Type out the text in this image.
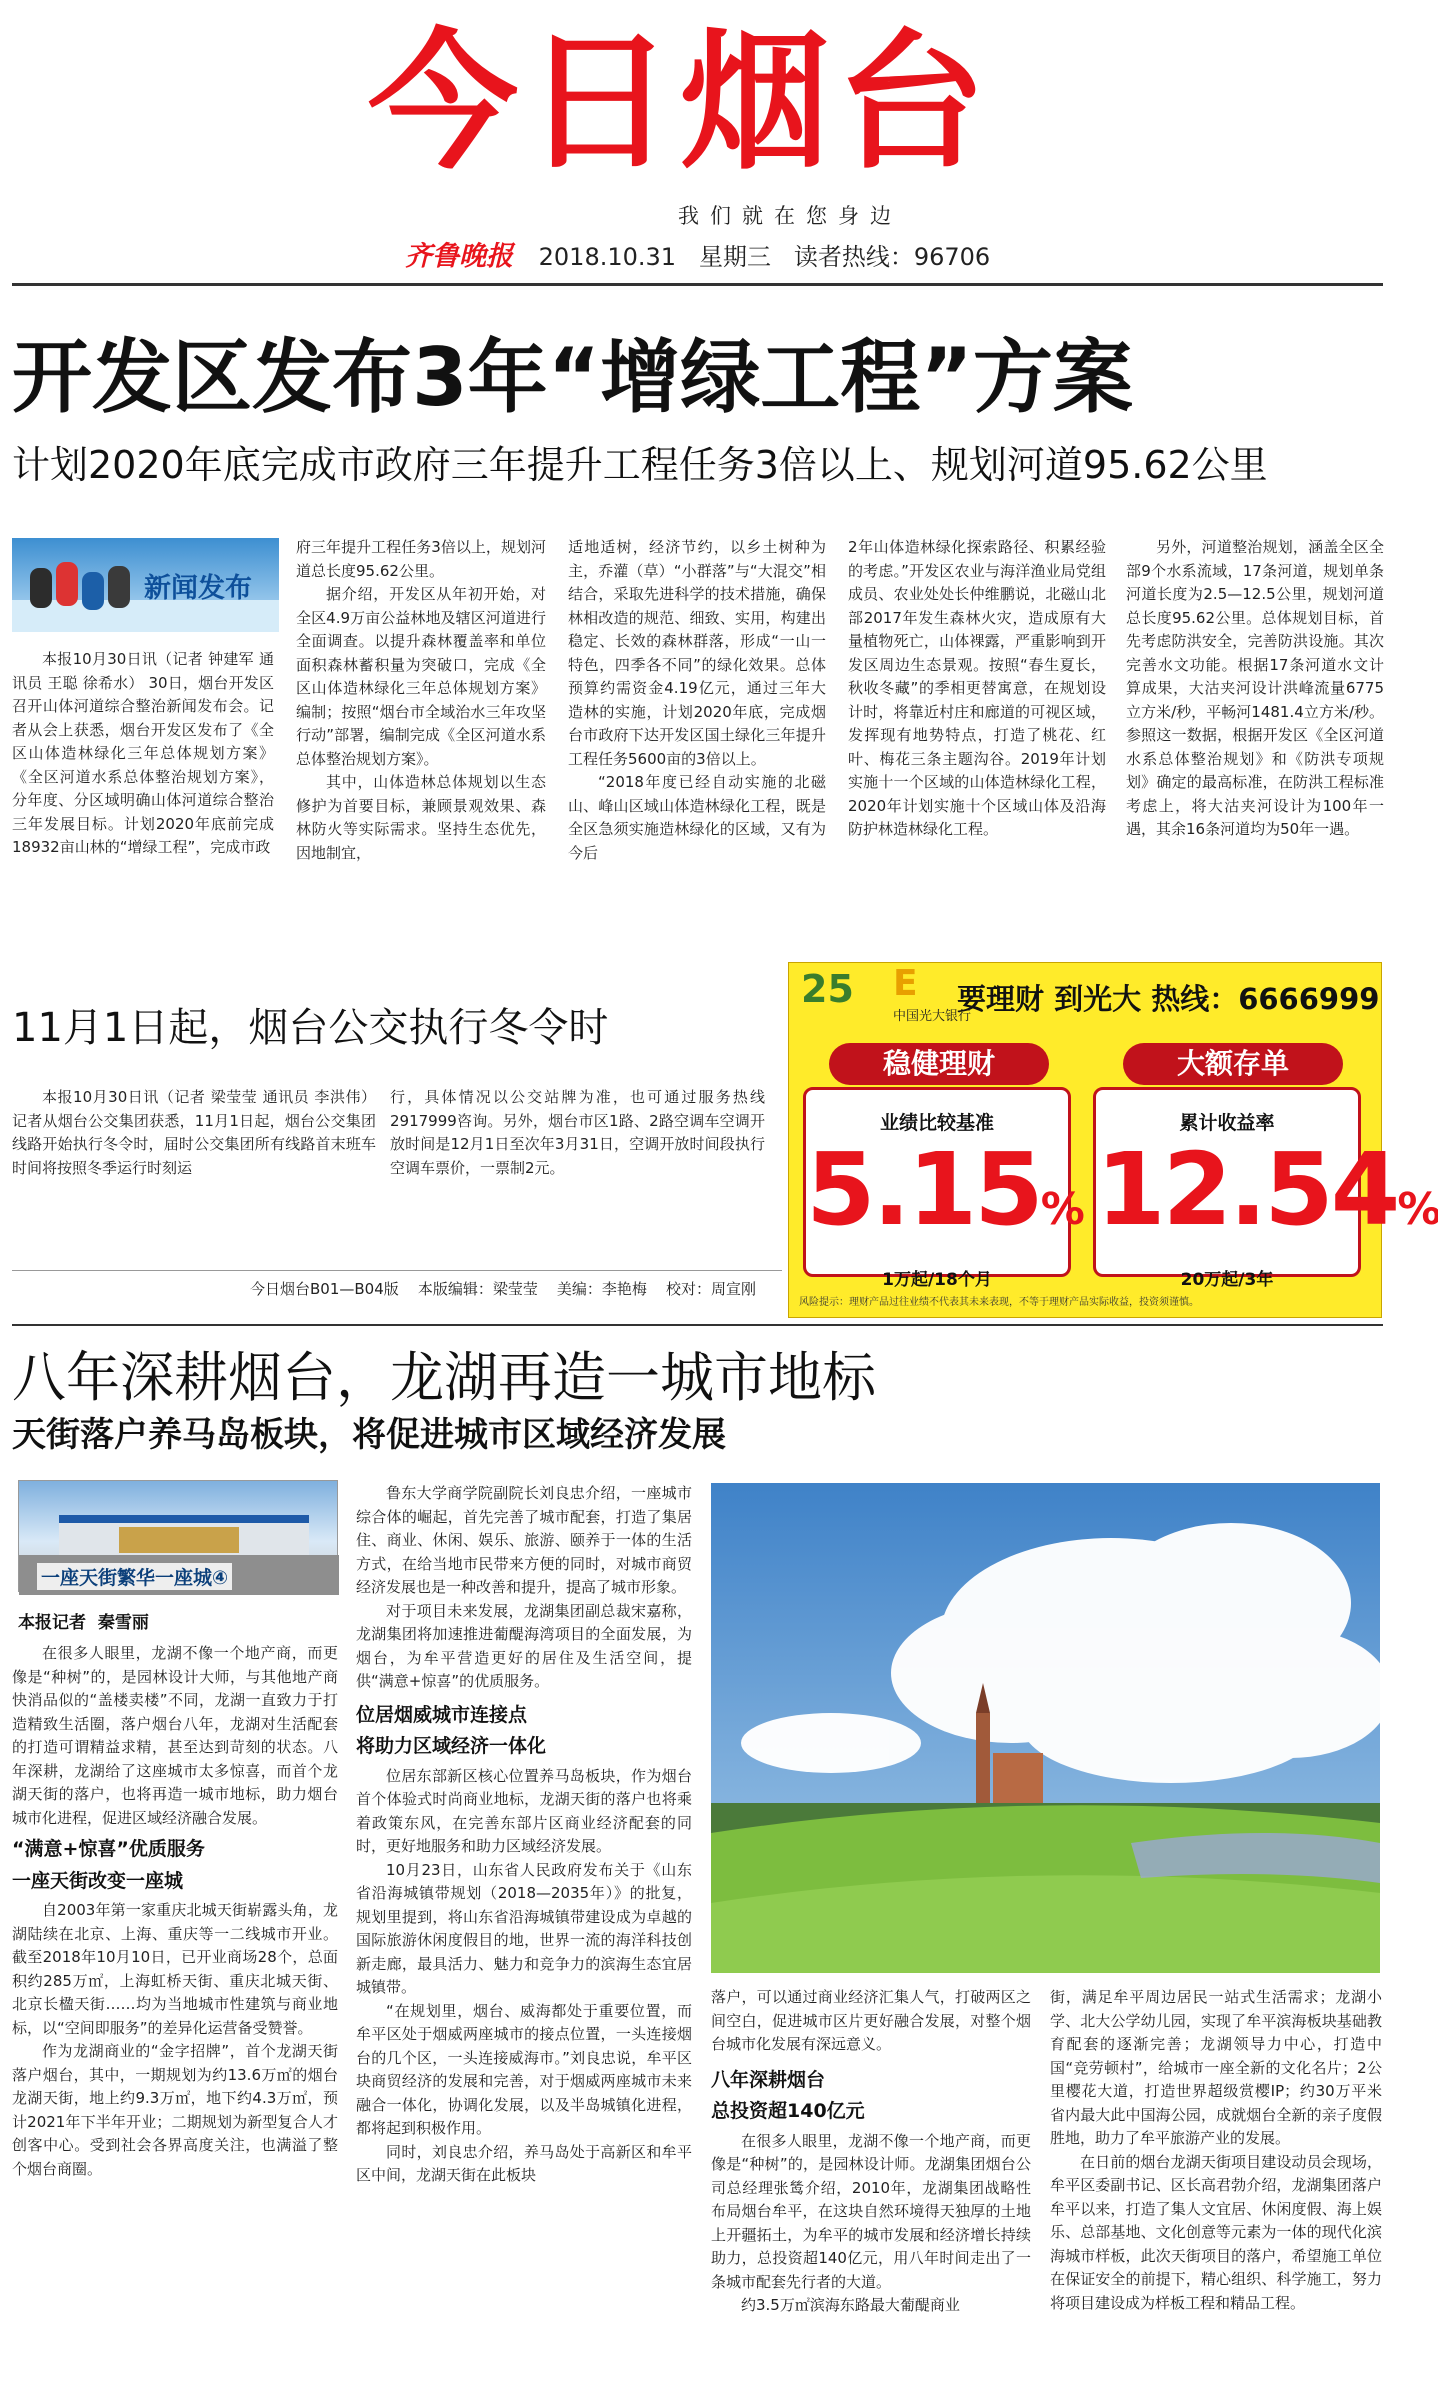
今日烟台
我们就在您身边
齐鲁晚报 2018.10.31 星期三 读者热线：96706
开发区发布3年“增绿工程”方案
计划2020年底完成市政府三年提升工程任务3倍以上、规划河道95.62公里
新闻发布

本报10月30日讯（记者 钟建军 通讯员 王聪 徐希水） 30日，烟台开发区召开山体河道综合整治新闻发布会。记者从会上获悉，烟台开发区发布了《全区山体造林绿化三年总体规划方案》《全区河道水系总体整治规划方案》，分年度、分区域明确山体河道综合整治三年发展目标。计划2020年底前完成18932亩山林的“增绿工程”，完成市政

府三年提升工程任务3倍以上，规划河道总长度95.62公里。

据介绍，开发区从年初开始，对全区4.9万亩公益林地及辖区河道进行全面调查。以提升森林覆盖率和单位面积森林蓄积量为突破口，完成《全区山体造林绿化三年总体规划方案》编制；按照“烟台市全域治水三年攻坚行动”部署，编制完成《全区河道水系总体整治规划方案》。

其中，山体造林总体规划以生态修护为首要目标，兼顾景观效果、森林防火等实际需求。坚持生态优先，因地制宜，

适地适树，经济节约，以乡土树种为主，乔灌（草）“小群落”与“大混交”相结合，采取先进科学的技术措施，确保林相改造的规范、细致、实用，构建出稳定、长效的森林群落，形成“一山一特色，四季各不同”的绿化效果。总体预算约需资金4.19亿元，通过三年大造林的实施，计划2020年底，完成烟台市政府下达开发区国土绿化三年提升工程任务5600亩的3倍以上。

“2018年度已经自动实施的北磁山、峰山区域山体造林绿化工程，既是全区急须实施造林绿化的区域，又有为今后

2年山体造林绿化探索路径、积累经验的考虑。”开发区农业与海洋渔业局党组成员、农业处处长仲维鹏说，北磁山北部2017年发生森林火灾，造成原有大量植物死亡，山体裸露，严重影响到开发区周边生态景观。按照“春生夏长，秋收冬藏”的季相更替寓意，在规划设计时，将靠近村庄和廊道的可视区域，发挥现有地势特点，打造了桃花、红叶、梅花三条主题沟谷。2019年计划实施十一个区域的山体造林绿化工程，2020年计划实施十个区域山体及沿海防护林造林绿化工程。

另外，河道整治规划，涵盖全区全部9个水系流域，17条河道，规划单条河道长度为2.5—12.5公里，规划河道总长度95.62公里。总体规划目标，首先考虑防洪安全，完善防洪设施。其次完善水文功能。根据17条河道水文计算成果，大沽夹河设计洪峰流量6775立方米/秒，平畅河1481.4立方米/秒。参照这一数据，根据开发区《全区河道水系总体整治规划》和《防洪专项规划》确定的最高标准，在防洪工程标准考虑上，将大沽夹河设计为100年一遇，其余16条河道均为50年一遇。

11月1日起，烟台公交执行冬令时

本报10月30日讯（记者 梁莹莹 通讯员 李洪伟） 记者从烟台公交集团获悉，11月1日起，烟台公交集团线路开始执行冬令时，届时公交集团所有线路首末班车时间将按照冬季运行时刻运

行，具体情况以公交站牌为准，也可通过服务热线2917999咨询。另外，烟台市区1路、2路空调车空调开放时间是12月1日至次年3月31日，空调开放时间段执行空调车票价，一票制2元。

25
中国光大银行
E 要理财 到光大 热线：6666999
稳健理财	大额存单
业绩比较基准
5.15%
1万起/18个月
累计收益率
12.54%
20万起/3年
风险提示：理财产品过往业绩不代表其未来表现，不等于理财产品实际收益，投资须谨慎。
今日烟台B01—B04版    本版编辑：梁莹莹    美编：李艳梅    校对：周宣刚
八年深耕烟台，龙湖再造一城市地标
天街落户养马岛板块，将促进城市区域经济发展
一座天街繁华一座城④
本报记者  秦雪丽

在很多人眼里，龙湖不像一个地产商，而更像是“种树”的，是园林设计大师，与其他地产商快消品似的“盖楼卖楼”不同，龙湖一直致力于打造精致生活圈，落户烟台八年，龙湖对生活配套的打造可谓精益求精，甚至达到苛刻的状态。八年深耕，龙湖给了这座城市太多惊喜，而首个龙湖天街的落户，也将再造一城市地标，助力烟台城市化进程，促进区域经济融合发展。

“满意+惊喜”优质服务
一座天街改变一座城

自2003年第一家重庆北城天街崭露头角，龙湖陆续在北京、上海、重庆等一二线城市开业。截至2018年10月10日，已开业商场28个，总面积约285万㎡，上海虹桥天街、重庆北城天街、北京长楹天街……均为当地城市性建筑与商业地标，以“空间即服务”的差异化运营备受赞誉。

作为龙湖商业的“金字招牌”，首个龙湖天街落户烟台，其中，一期规划为约13.6万㎡的烟台龙湖天街，地上约9.3万㎡，地下约4.3万㎡，预计2021年下半年开业；二期规划为新型复合人才创客中心。受到社会各界高度关注，也满溢了整个烟台商圈。

鲁东大学商学院副院长刘良忠介绍，一座城市综合体的崛起，首先完善了城市配套，打造了集居住、商业、休闲、娱乐、旅游、颐养于一体的生活方式，在给当地市民带来方便的同时，对城市商贸经济发展也是一种改善和提升，提高了城市形象。

对于项目未来发展，龙湖集团副总裁宋嘉称，龙湖集团将加速推进葡醍海湾项目的全面发展，为烟台，为牟平营造更好的居住及生活空间，提供“满意+惊喜”的优质服务。

位居烟威城市连接点
将助力区域经济一体化

位居东部新区核心位置养马岛板块，作为烟台首个体验式时尚商业地标，龙湖天街的落户也将乘着政策东风，在完善东部片区商业经济配套的同时，更好地服务和助力区域经济发展。

10月23日，山东省人民政府发布关于《山东省沿海城镇带规划（2018—2035年）》的批复，规划里提到，将山东省沿海城镇带建设成为卓越的国际旅游休闲度假目的地，世界一流的海洋科技创新走廊，最具活力、魅力和竞争力的滨海生态宜居城镇带。

“在规划里，烟台、威海都处于重要位置，而牟平区处于烟威两座城市的接点位置，一头连接烟台的几个区，一头连接威海市。”刘良忠说，牟平区块商贸经济的发展和完善，对于烟威两座城市未来融合一体化，协调化发展，以及半岛城镇化进程，都将起到积极作用。

同时，刘良忠介绍，养马岛处于高新区和牟平区中间，龙湖天街在此板块

落户，可以通过商业经济汇集人气，打破两区之间空白，促进城市区片更好融合发展，对整个烟台城市化发展有深远意义。

八年深耕烟台
总投资超140亿元

在很多人眼里，龙湖不像一个地产商，而更像是“种树”的，是园林设计师。龙湖集团烟台公司总经理张鸶介绍，2010年，龙湖集团战略性布局烟台牟平，在这块自然环境得天独厚的土地上开疆拓土，为牟平的城市发展和经济增长持续助力，总投资超140亿元，用八年时间走出了一条城市配套先行者的大道。

约3.5万㎡滨海东路最大葡醍商业

街，满足牟平周边居民一站式生活需求；龙湖小学、北大公学幼儿园，实现了牟平滨海板块基础教育配套的逐渐完善；龙湖领导力中心，打造中国“竞劳顿村”，给城市一座全新的文化名片；2公里樱花大道，打造世界超级赏樱IP；约30万平米省内最大此中国海公园，成就烟台全新的亲子度假胜地，助力了牟平旅游产业的发展。

在日前的烟台龙湖天街项目建设动员会现场，牟平区委副书记、区长高君勃介绍，龙湖集团落户牟平以来，打造了集人文宜居、休闲度假、海上娱乐、总部基地、文化创意等元素为一体的现代化滨海城市样板，此次天街项目的落户，希望施工单位在保证安全的前提下，精心组织、科学施工，努力将项目建设成为样板工程和精品工程。
